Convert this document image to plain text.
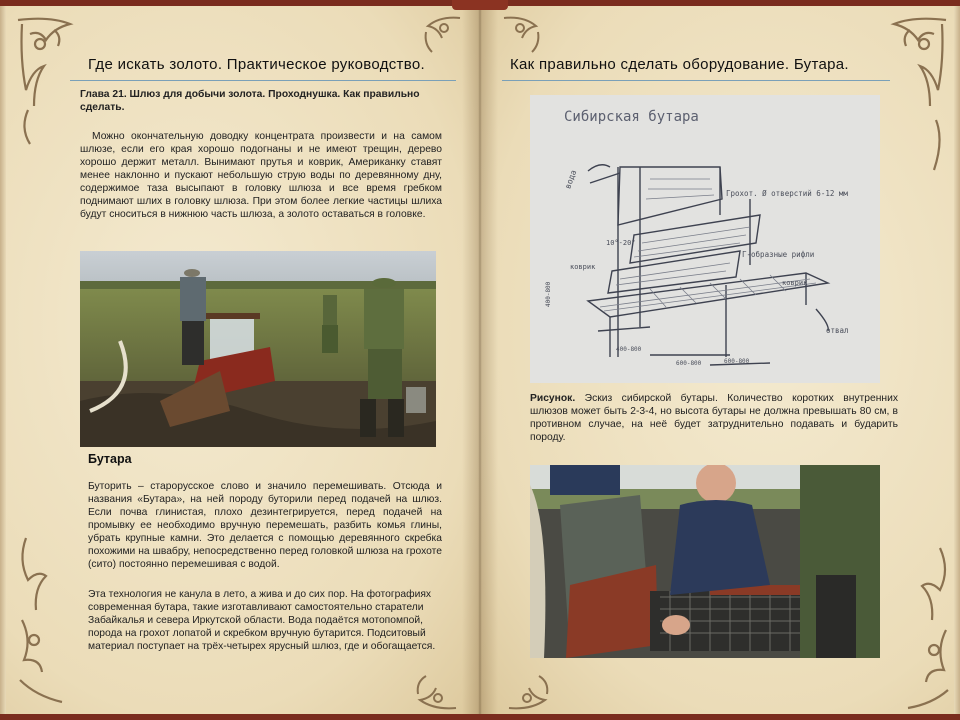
Где искать золото. Практическое руководство.
Глава 21. Шлюз для добычи золота. Проходнушка. Как правильно сделать.
Можно окончательную доводку концентрата произвести и на самом шлюзе, если его края хорошо подогнаны и не имеют трещин, дерево хорошо держит металл. Вынимают прутья и коврик, Американку ставят менее наклонно и пускают небольшую струю воды по деревянному дну, содержимое таза высыпают в головку шлюза и все время гребком поднимают шлих в головку шлюза. При этом более легкие частицы шлиха будут сноситься в нижнюю часть шлюза, а золото оставаться в головке.
Бутара
Буторить – старорусское слово и значило перемешивать. Отсюда и названия «Бутара», на ней породу буторили перед подачей на шлюз. Если почва глинистая, плохо дезинтегрируется, перед подачей на промывку ее необходимо вручную перемешать, разбить комья глины, убрать крупные камни. Это делается с помощью деревянного скребка похожими на швабру, непосредственно перед головкой шлюза на грохоте (сито) постоянно перемешивая с водой.
Эта технология не канула в лето, а жива и до сих пор. На фотографиях современная бутара, такие изготавливают самостоятельно старатели Забайкалья и севера Иркутской области. Вода подаётся мотопомпой, порода на грохот лопатой и скребком вручную бутарится. Подситовый материал поступает на трёх-четырех ярусный шлюз, где и обогащается.
Как правильно сделать оборудование. Бутара.
Сибирская бутара
вода
Грохот. Ø отверстий 6-12 мм
10°-20°
Г-образные рифли
коврик
коврик
отвал
400-800
600-800	600-800
400-800
Рисунок. Эскиз сибирской бутары. Количество коротких внутренних шлюзов может быть 2-3-4, но высота бутары не должна превышать 80 см, в противном случае, на неё будет затруднительно подавать и бударить породу.
